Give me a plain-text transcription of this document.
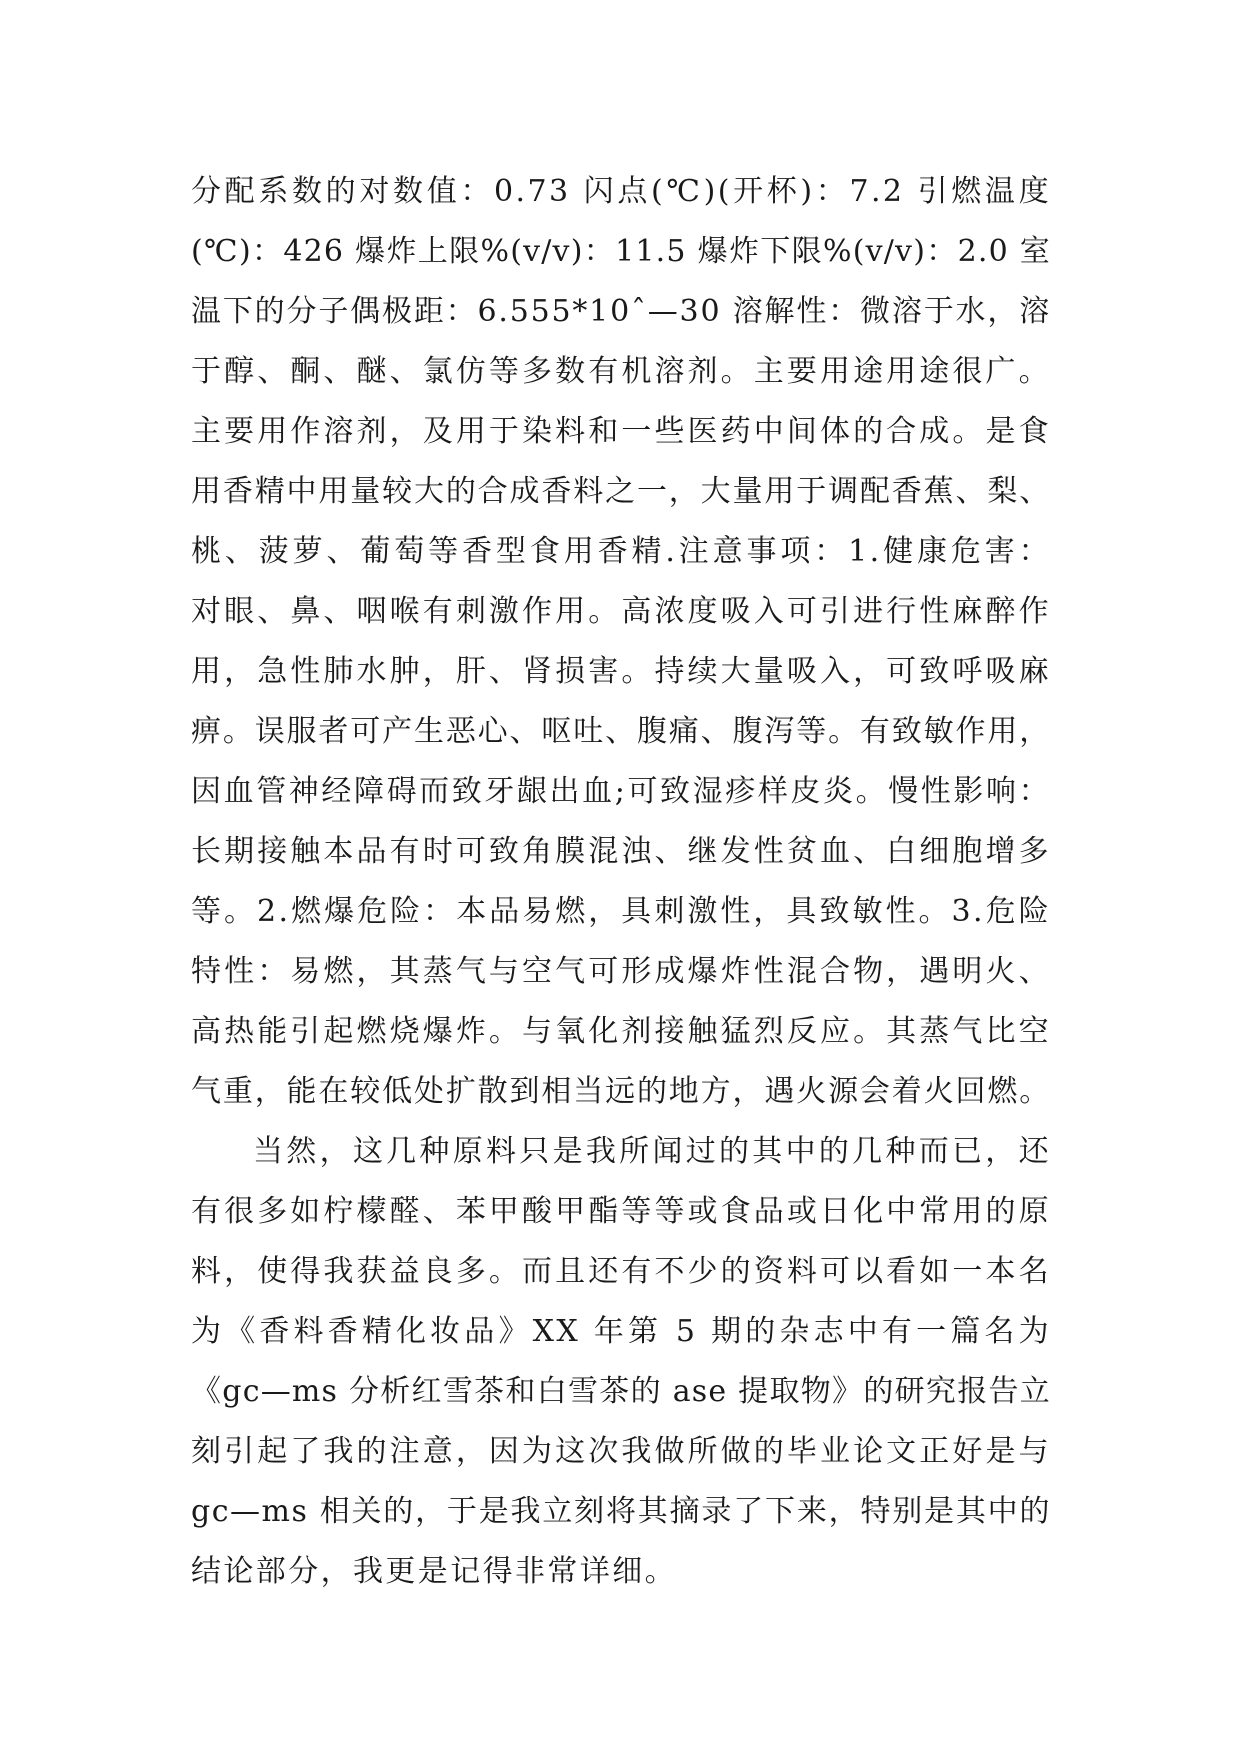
分配系数的对数值：0.73 闪点(℃)(开杯)：7.2 引燃温度
(℃)：426 爆炸上限%(v/v)：11.5 爆炸下限%(v/v)：2.0 室
温下的分子偶极距：6.555*10ˆ—30 溶解性：微溶于水，溶
于醇、酮、醚、氯仿等多数有机溶剂。主要用途用途很广。
主要用作溶剂，及用于染料和一些医药中间体的合成。是食
用香精中用量较大的合成香料之一，大量用于调配香蕉、梨、
桃、菠萝、葡萄等香型食用香精.注意事项：1.健康危害：
对眼、鼻、咽喉有刺激作用。高浓度吸入可引进行性麻醉作
用，急性肺水肿，肝、肾损害。持续大量吸入，可致呼吸麻
痹。误服者可产生恶心、呕吐、腹痛、腹泻等。有致敏作用，
因血管神经障碍而致牙龈出血;可致湿疹样皮炎。慢性影响：
长期接触本品有时可致角膜混浊、继发性贫血、白细胞增多
等。2.燃爆危险：本品易燃，具刺激性，具致敏性。3.危险
特性：易燃，其蒸气与空气可形成爆炸性混合物，遇明火、
高热能引起燃烧爆炸。与氧化剂接触猛烈反应。其蒸气比空
气重，能在较低处扩散到相当远的地方，遇火源会着火回燃。
当然，这几种原料只是我所闻过的其中的几种而已，还
有很多如柠檬醛、苯甲酸甲酯等等或食品或日化中常用的原
料，使得我获益良多。而且还有不少的资料可以看如一本名
为《香料香精化妆品》XX 年第 5 期的杂志中有一篇名为
《gc—ms 分析红雪茶和白雪茶的 ase 提取物》的研究报告立
刻引起了我的注意，因为这次我做所做的毕业论文正好是与
gc—ms 相关的，于是我立刻将其摘录了下来，特别是其中的
结论部分，我更是记得非常详细。
